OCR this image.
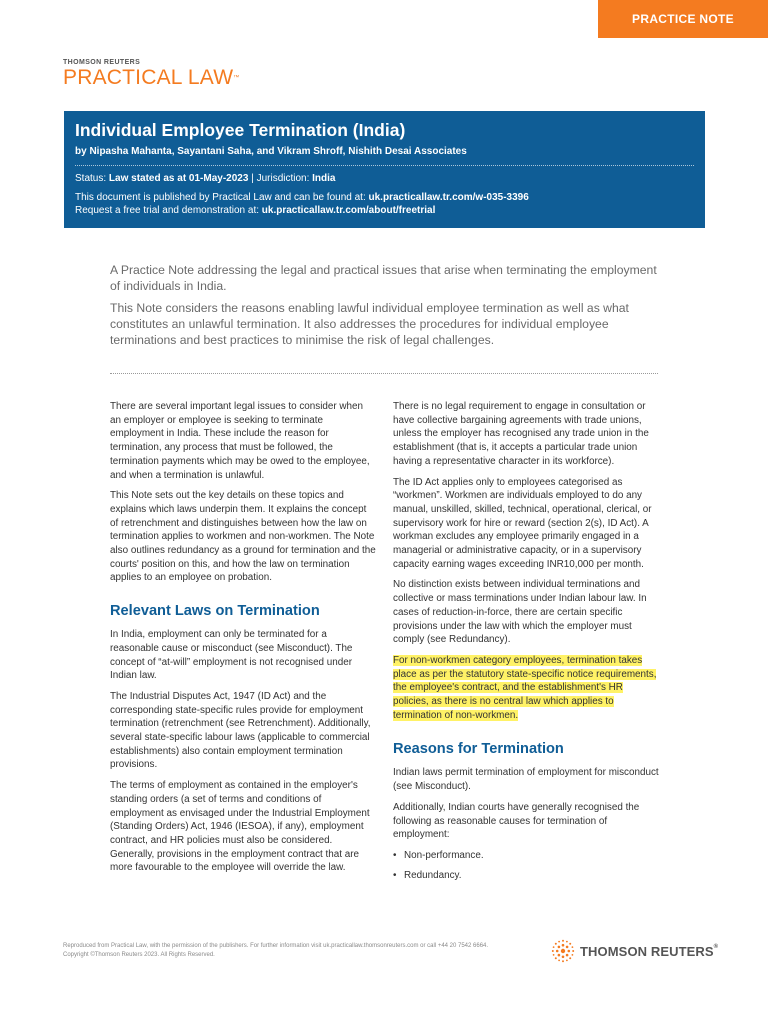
PRACTICE NOTE
THOMSON REUTERS
PRACTICAL LAW™
Individual Employee Termination (India)
by Nipasha Mahanta, Sayantani Saha, and Vikram Shroff, Nishith Desai Associates
Status: Law stated as at 01-May-2023 | Jurisdiction: India
This document is published by Practical Law and can be found at: uk.practicallaw.tr.com/w-035-3396
Request a free trial and demonstration at: uk.practicallaw.tr.com/about/freetrial

A Practice Note addressing the legal and practical issues that arise when terminating the employment of individuals in India.

This Note considers the reasons enabling lawful individual employee termination as well as what constitutes an unlawful termination. It also addresses the procedures for individual employee terminations and best practices to minimise the risk of legal challenges.

There are several important legal issues to consider when an employer or employee is seeking to terminate employment in India. These include the reason for termination, any process that must be followed, the termination payments which may be owed to the employee, and when a termination is unlawful.

This Note sets out the key details on these topics and explains which laws underpin them. It explains the concept of retrenchment and distinguishes between how the law on termination applies to workmen and non-workmen. The Note also outlines redundancy as a ground for termination and the courts' position on this, and how the law on termination applies to an employee on probation.

Relevant Laws on Termination

In India, employment can only be terminated for a reasonable cause or misconduct (see Misconduct). The concept of “at-will” employment is not recognised under Indian law.

The Industrial Disputes Act, 1947 (ID Act) and the corresponding state-specific rules provide for employment termination (retrenchment (see Retrenchment). Additionally, several state-specific labour laws (applicable to commercial establishments) also contain employment termination provisions.

The terms of employment as contained in the employer's standing orders (a set of terms and conditions of employment as envisaged under the Industrial Employment (Standing Orders) Act, 1946 (IESOA), if any), employment contract, and HR policies must also be considered. Generally, provisions in the employment contract that are more favourable to the employee will override the law.

There is no legal requirement to engage in consultation or have collective bargaining agreements with trade unions, unless the employer has recognised any trade union in the establishment (that is, it accepts a particular trade union having a representative character in its workforce).

The ID Act applies only to employees categorised as “workmen”. Workmen are individuals employed to do any manual, unskilled, skilled, technical, operational, clerical, or supervisory work for hire or reward (section 2(s), ID Act). A workman excludes any employee primarily engaged in a managerial or administrative capacity, or in a supervisory capacity earning wages exceeding INR10,000 per month.

No distinction exists between individual terminations and collective or mass terminations under Indian labour law. In cases of reduction-in-force, there are certain specific provisions under the law with which the employer must comply (see Redundancy).

For non-workmen category employees, termination takes place as per the statutory state-specific notice requirements, the employee's contract, and the establishment's HR policies, as there is no central law which applies to termination of non-workmen.

Reasons for Termination

Indian laws permit termination of employment for misconduct (see Misconduct).

Additionally, Indian courts have generally recognised the following as reasonable causes for termination of employment:

• Non-performance.
• Redundancy.
Reproduced from Practical Law, with the permission of the publishers. For further information visit uk.practicallaw.thomsonreuters.com or call +44 20 7542 6664. Copyright ©Thomson Reuters 2023. All Rights Reserved.	THOMSON REUTERS®
